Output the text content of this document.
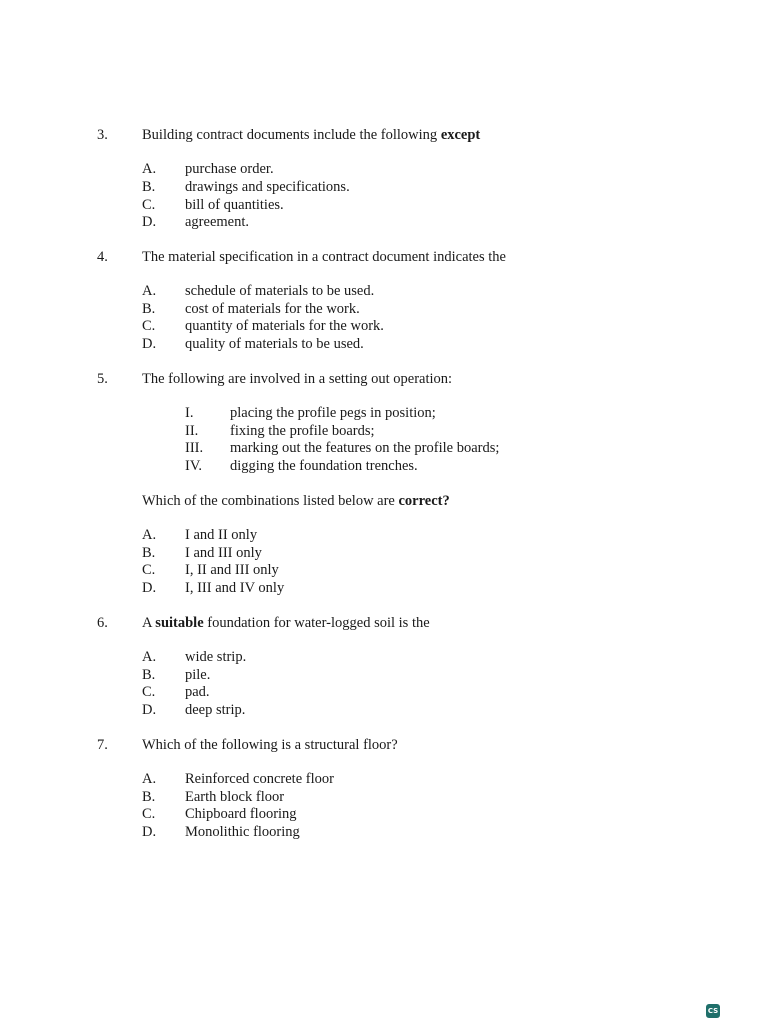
3. Building contract documents include the following except
A. purchase order.
B. drawings and specifications.
C. bill of quantities.
D. agreement.
4. The material specification in a contract document indicates the
A. schedule of materials to be used.
B. cost of materials for the work.
C. quantity of materials for the work.
D. quality of materials to be used.
5. The following are involved in a setting out operation:
I.	placing the profile pegs in position;
II. fixing the profile boards;
III. marking out the features on the profile boards;
IV. digging the foundation trenches.
Which of the combinations listed below are correct?
A. I and II only
B. I and III only
C. I, II and III only
D. I, III and IV only
6. A suitable foundation for water-logged soil is the
A. wide strip.
B. pile.
C. pad.
D. deep strip.
7. Which of the following is a structural floor?
A. Reinforced concrete floor
B. Earth block floor
C. Chipboard flooring
D. Monolithic flooring
CS
